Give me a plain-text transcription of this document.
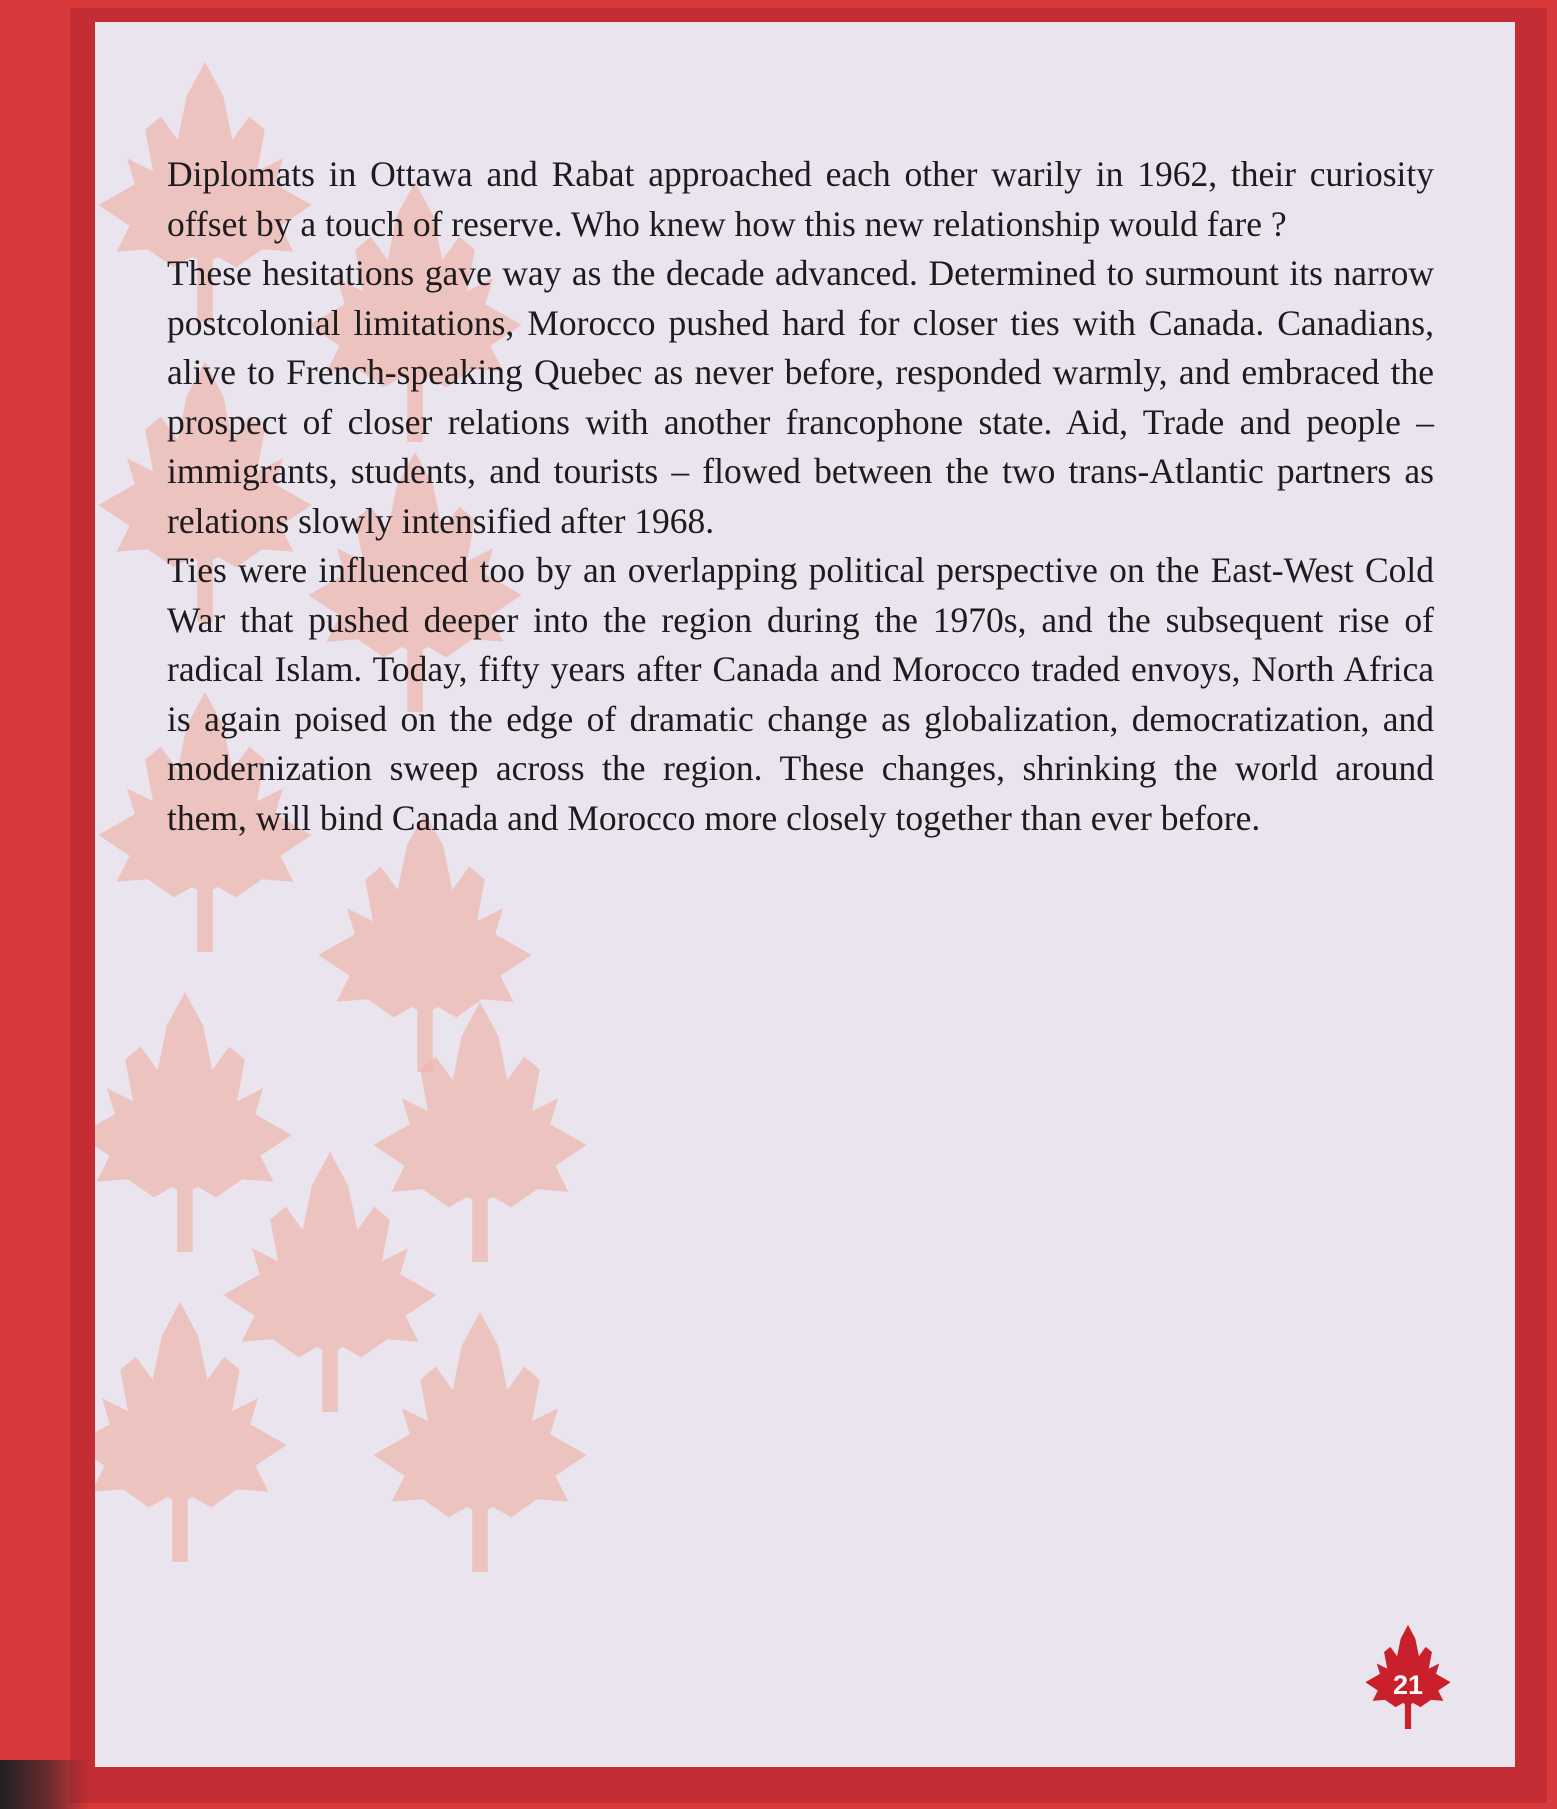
Diplomats in Ottawa and Rabat approached each other warily in 1962, their curiosity offset by a touch of reserve. Who knew how this new relationship would fare ?

These hesitations gave way as the decade advanced. Determined to surmount its narrow postcolonial limitations, Morocco pushed hard for closer ties with Canada. Canadians, alive to French-speaking Quebec as never before, responded warmly, and embraced the prospect of closer relations with another francophone state. Aid, Trade and people – immigrants, students, and tourists – flowed between the two trans-Atlantic partners as relations slowly intensified after 1968.

Ties were influenced too by an overlapping political perspective on the East-West Cold War that pushed deeper into the region during the 1970s, and the subsequent rise of radical Islam. Today, fifty years after Canada and Morocco traded envoys, North Africa is again poised on the edge of dramatic change as globalization, democratization, and modernization sweep across the region. These changes, shrinking the world around them, will bind Canada and Morocco more closely together than ever before.

21
